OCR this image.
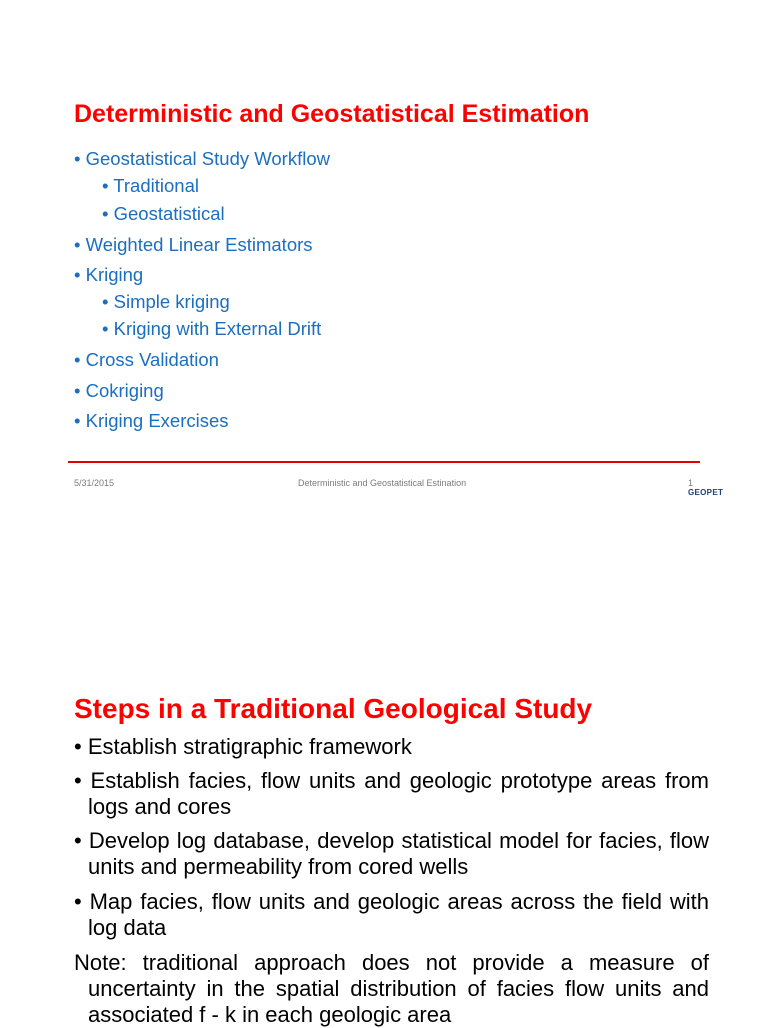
Deterministic and Geostatistical Estimation
• Geostatistical Study Workflow
• Traditional
• Geostatistical
• Weighted Linear Estimators
• Kriging
• Simple kriging
• Kriging with External Drift
• Cross Validation
• Cokriging
• Kriging Exercises
5/31/2015	Deterministic and Geostatistical Estination	1
GEOPET
Steps in a Traditional Geological Study
• Establish stratigraphic framework
• Establish facies, flow units and geologic prototype areas from logs and cores
• Develop log database, develop statistical model for facies, flow units and permeability from cored wells
• Map facies, flow units and geologic areas across the field with log data
Note: traditional approach does not provide a measure of uncertainty in the spatial distribution of facies flow units and associated f - k in each geologic area
